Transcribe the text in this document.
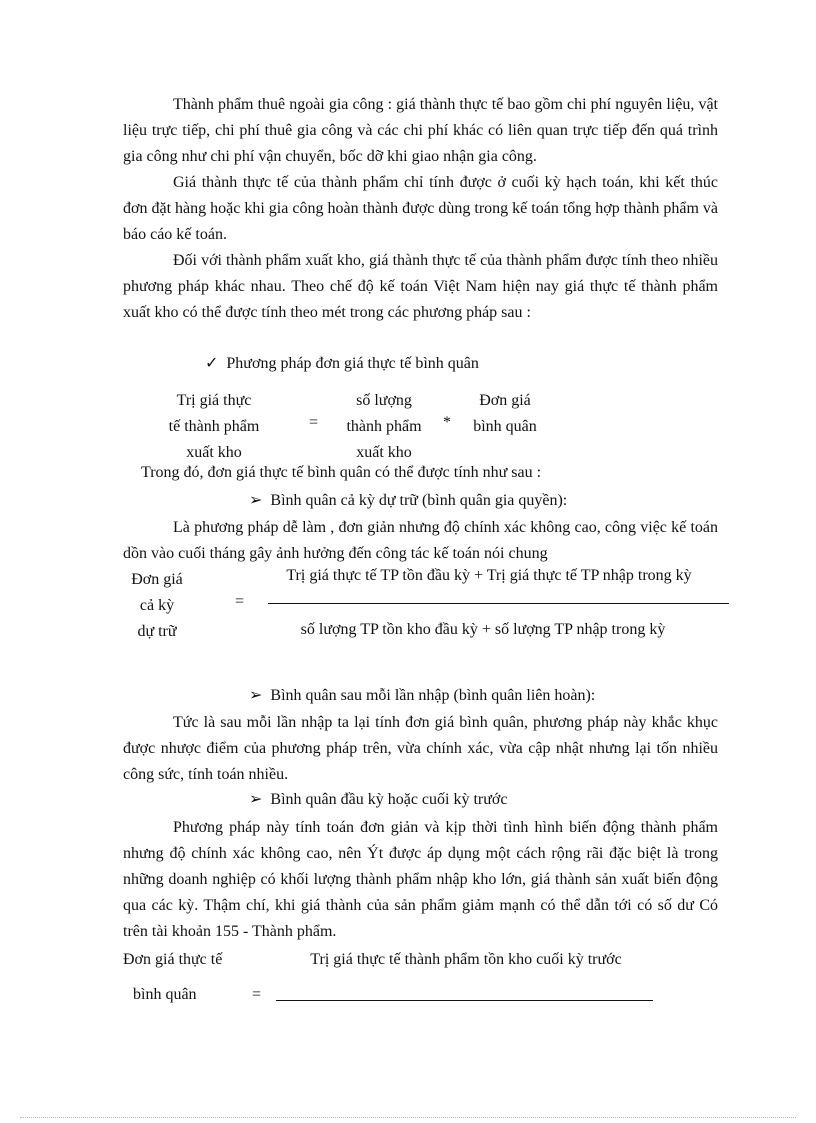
Thành phẩm thuê ngoài gia công : giá thành thực tế bao gồm chi phí nguyên liệu, vật liệu trực tiếp, chi phí thuê gia công và các chi phí khác có liên quan trực tiếp đến quá trình gia công như chi phí vận chuyển, bốc dỡ khi giao nhận gia công.

Giá thành thực tế của thành phẩm chỉ tính được ở cuối kỳ hạch toán, khi kết thúc đơn đặt hàng hoặc khi gia công hoàn thành được dùng trong kế toán tổng hợp thành phẩm và báo cáo kế toán.

Đối với thành phẩm xuất kho, giá thành thực tế của thành phẩm được tính theo nhiều phương pháp khác nhau. Theo chế độ kế toán Việt Nam hiện nay giá thực tế thành phẩm xuất kho có thể được tính theo mét trong các phương pháp sau :

✓ Phương pháp đơn giá thực tế bình quân
Trị giá thực
tế thành phẩm
xuất kho
=
số lượng
thành phẩm
xuất kho
*
Đơn giá
bình quân
Trong đó, đơn giá thực tế bình quân có thể được tính như sau :
➢ Bình quân cả kỳ dự trữ (bình quân gia quyền):

Là phương pháp dễ làm , đơn giản nhưng độ chính xác không cao, công việc kế toán dồn vào cuối tháng gây ảnh hưởng đến công tác kế toán nói chung

Đơn giá
cả kỳ
dự trữ
=
Trị giá thực tế TP tồn đầu kỳ + Trị giá thực tế TP nhập trong kỳ
số lượng TP tồn kho đầu kỳ + số lượng TP nhập trong kỳ
➢ Bình quân sau mỗi lần nhập (bình quân liên hoàn):

Tức là sau mỗi lần nhập ta lại tính đơn giá bình quân, phương pháp này khắc khục được nhược điểm của phương pháp trên, vừa chính xác, vừa cập nhật nhưng lại tốn nhiều công sức, tính toán nhiều.

➢ Bình quân đầu kỳ hoặc cuối kỳ trước

Phương pháp này tính toán đơn giản và kịp thời tình hình biến động thành phẩm nhưng độ chính xác không cao, nên Ýt được áp dụng một cách rộng rãi đặc biệt là trong những doanh nghiệp có khối lượng thành phẩm nhập kho lớn, giá thành sản xuất biến động qua các kỳ. Thậm chí, khi giá thành của sản phẩm giảm mạnh có thể dẫn tới có số dư Có trên tài khoản 155 - Thành phẩm.

Đơn giá thực tế
bình quân	=
Trị giá thực tế thành phẩm tồn kho cuối kỳ trước
